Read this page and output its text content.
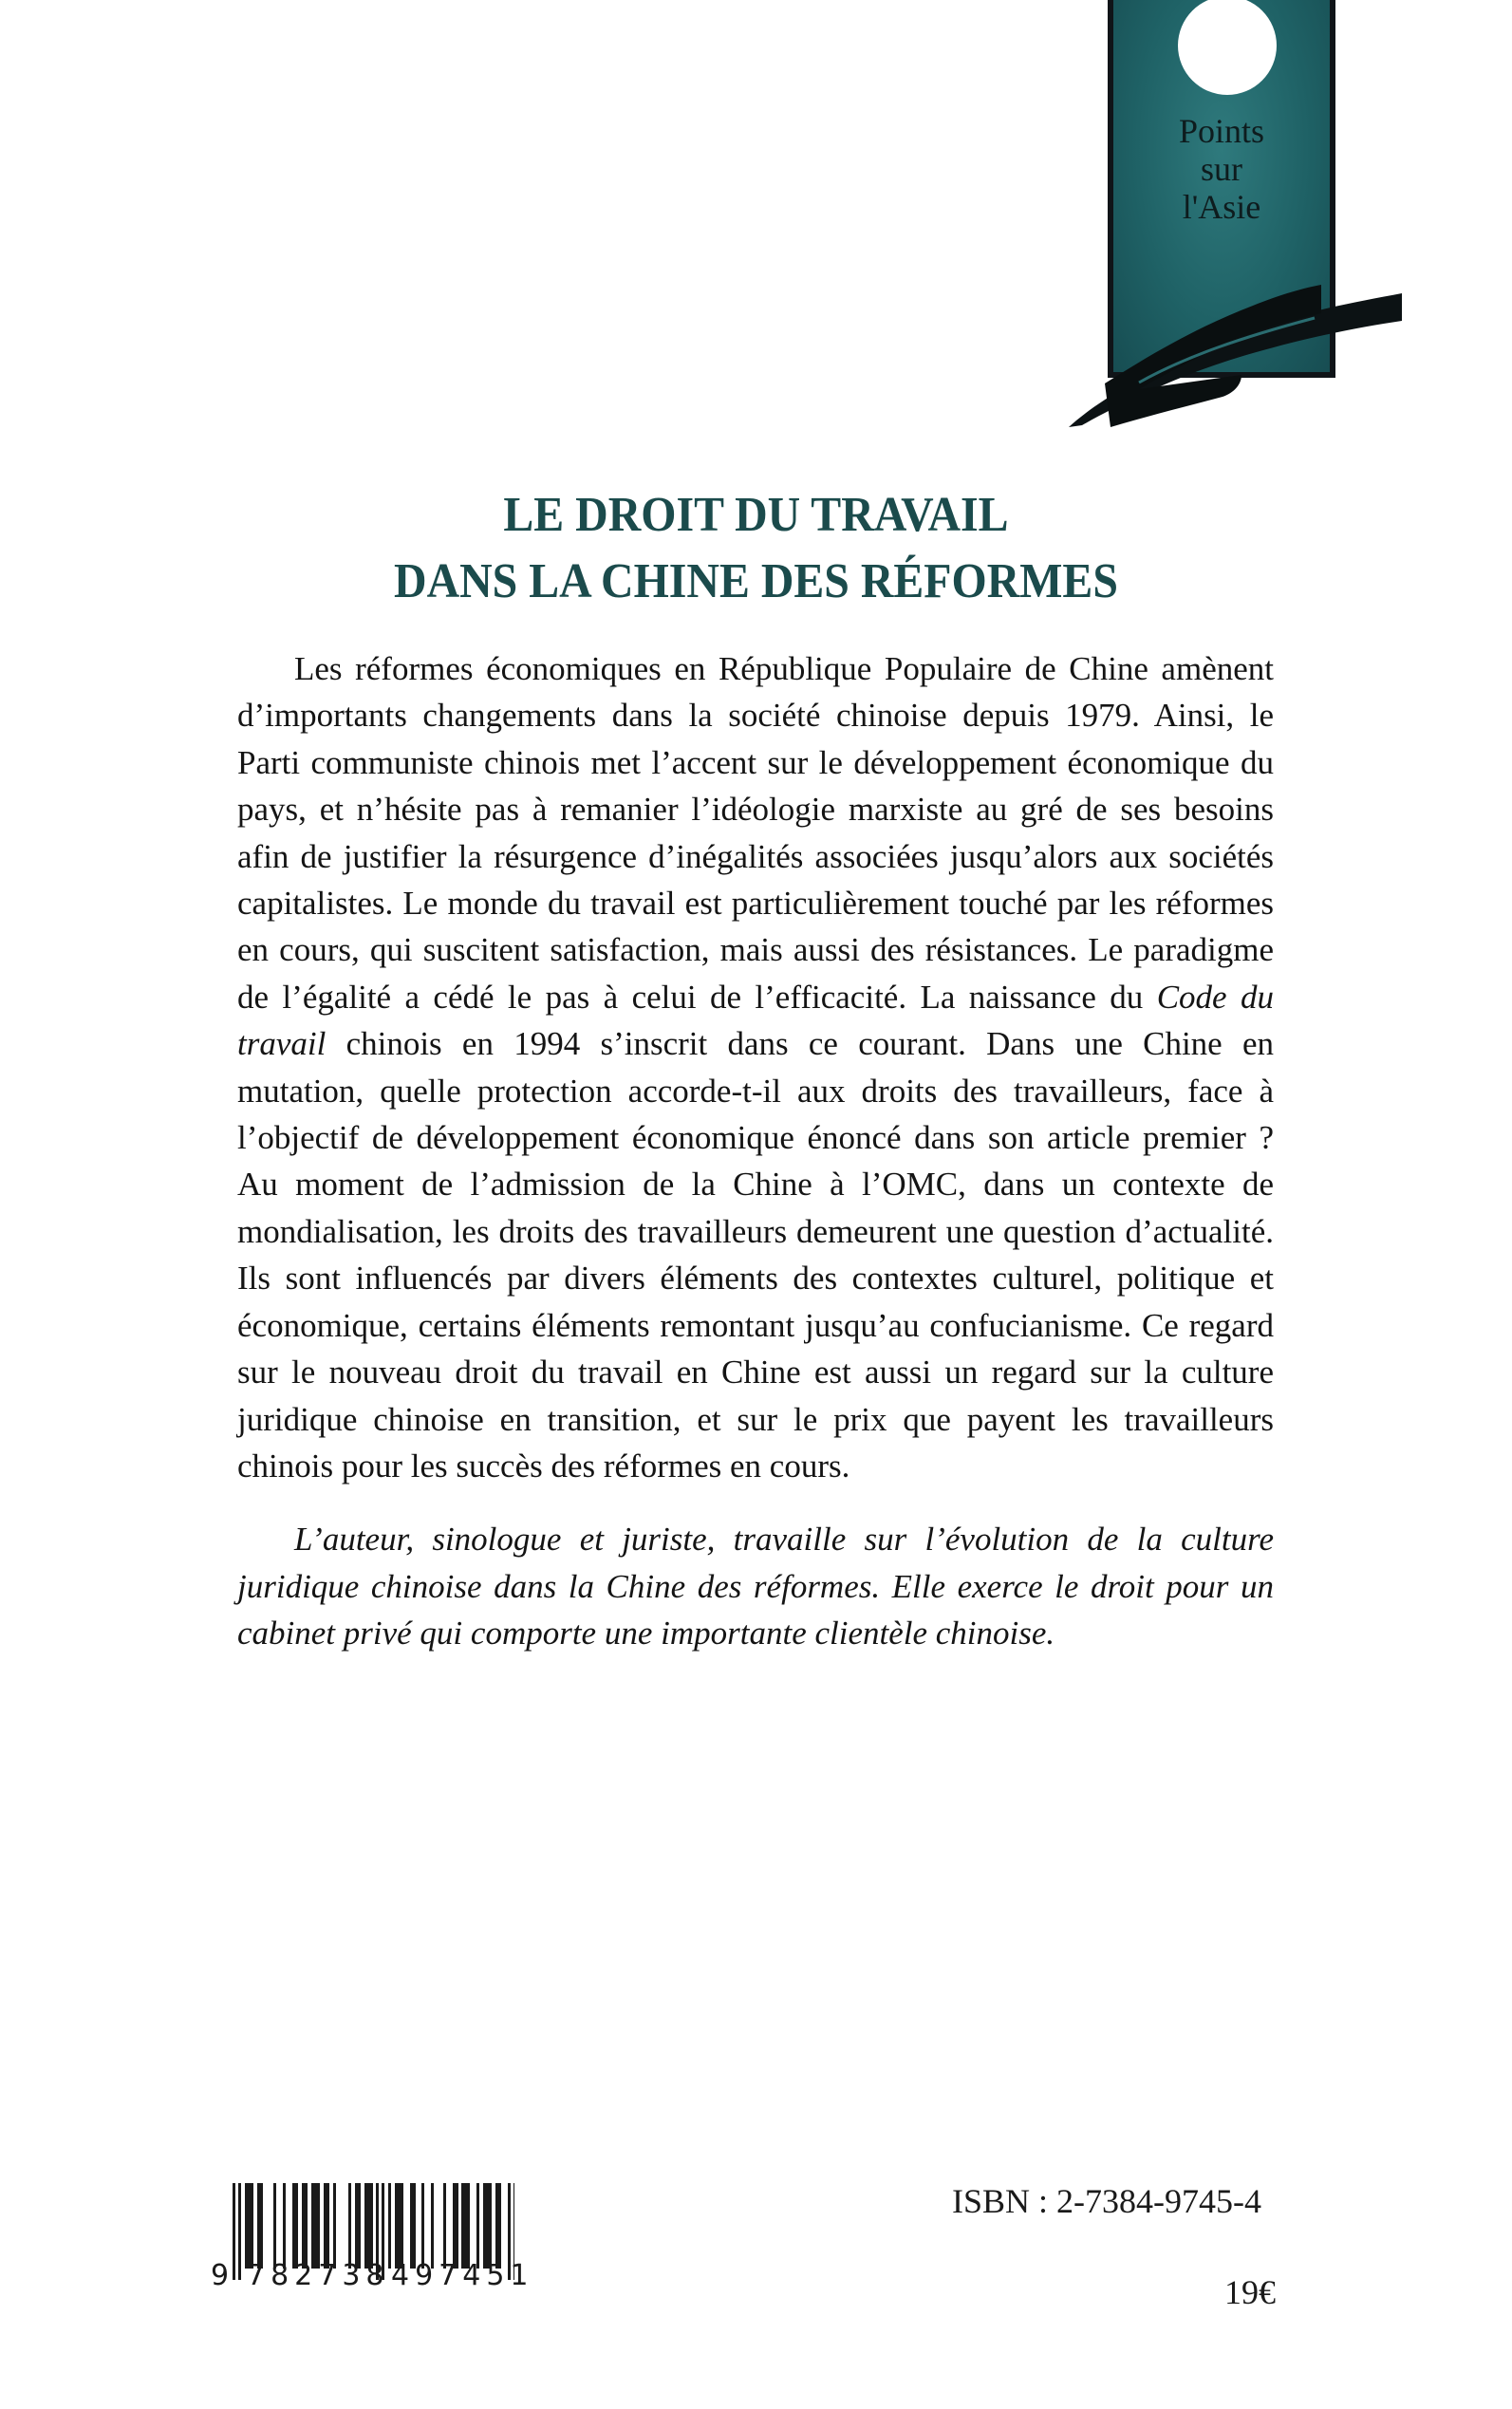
Points
sur
l'Asie
LE DROIT DU TRAVAIL
DANS LA CHINE DES RÉFORMES

Les réformes économiques en République Populaire de Chine amènent d’importants changements dans la société chinoise depuis 1979. Ainsi, le Parti communiste chinois met l’accent sur le développement économique du pays, et n’hésite pas à remanier l’idéologie marxiste au gré de ses besoins afin de justifier la résurgence d’inégalités associées jusqu’alors aux sociétés capitalistes. Le monde du travail est particulièrement touché par les réformes en cours, qui suscitent satisfaction, mais aussi des résistances. Le paradigme de l’égalité a cédé le pas à celui de l’efficacité. La naissance du Code du travail chinois en 1994 s’inscrit dans ce courant. Dans une Chine en mutation, quelle protection accorde-t-il aux droits des travailleurs, face à l’objectif de développement économique énoncé dans son article premier ? Au moment de l’admission de la Chine à l’OMC, dans un contexte de mondialisation, les droits des travailleurs demeurent une question d’actualité. Ils sont influencés par divers éléments des contextes culturel, politique et économique, certains éléments remontant jusqu’au confucianisme. Ce regard sur le nouveau droit du travail en Chine est aussi un regard sur la culture juridique chinoise en transition, et sur le prix que payent les travailleurs chinois pour les succès des réformes en cours.

L’auteur, sinologue et juriste, travaille sur l’évolution de la culture juridique chinoise dans la Chine des réformes. Elle exerce le droit pour un cabinet privé qui comporte une importante clientèle chinoise.

9 782738 497451
ISBN : 2-7384-9745-4
19€
